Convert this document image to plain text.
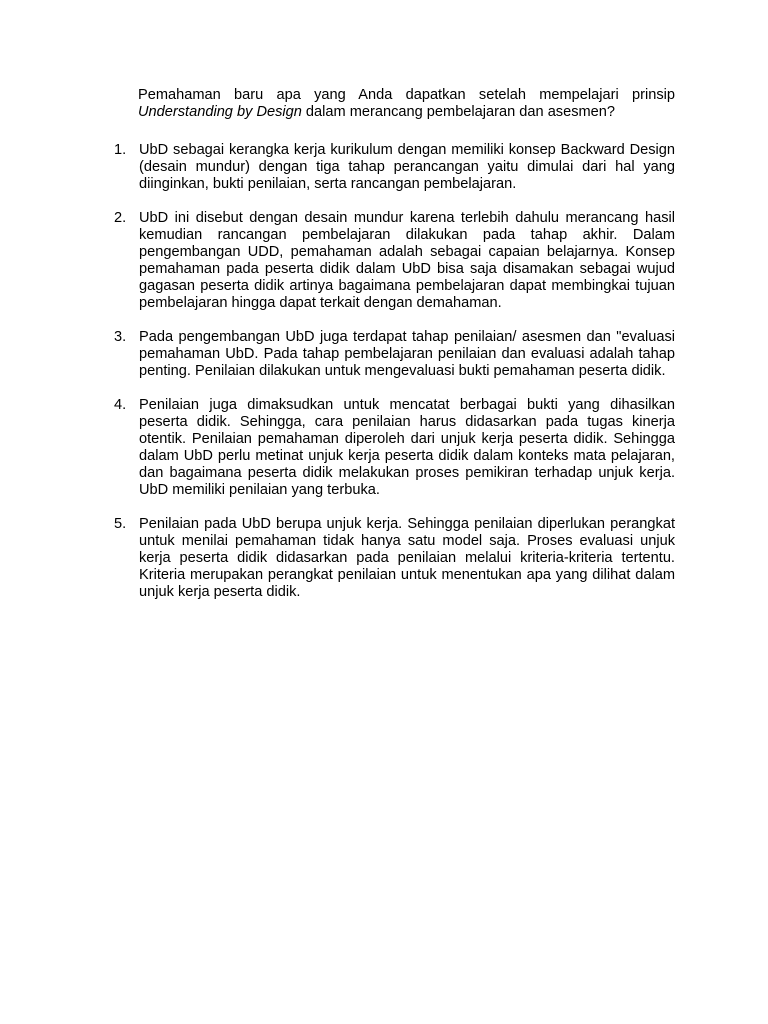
Pemahaman baru apa yang Anda dapatkan setelah mempelajari prinsip Understanding by Design dalam merancang pembelajaran dan asesmen?

1. UbD sebagai kerangka kerja kurikulum dengan memiliki konsep Backward Design (desain mundur) dengan tiga tahap perancangan yaitu dimulai dari hal yang diinginkan, bukti penilaian, serta rancangan pembelajaran.
2. UbD ini disebut dengan desain mundur karena terlebih dahulu merancang hasil kemudian rancangan pembelajaran dilakukan pada tahap akhir. Dalam pengembangan UDD, pemahaman adalah sebagai capaian belajarnya. Konsep pemahaman pada peserta didik dalam UbD bisa saja disamakan sebagai wujud gagasan peserta didik artinya bagaimana pembelajaran dapat membingkai tujuan pembelajaran hingga dapat terkait dengan demahaman.
3. Pada pengembangan UbD juga terdapat tahap penilaian/ asesmen dan "evaluasi pemahaman UbD. Pada tahap pembelajaran penilaian dan evaluasi adalah tahap penting. Penilaian dilakukan untuk mengevaluasi bukti pemahaman peserta didik.
4. Penilaian juga dimaksudkan untuk mencatat berbagai bukti yang dihasilkan peserta didik. Sehingga, cara penilaian harus didasarkan pada tugas kinerja otentik. Penilaian pemahaman diperoleh dari unjuk kerja peserta didik. Sehingga dalam UbD perlu metinat unjuk kerja peserta didik dalam konteks mata pelajaran, dan bagaimana peserta didik melakukan proses pemikiran terhadap unjuk kerja. UbD memiliki penilaian yang terbuka.
5. Penilaian pada UbD berupa unjuk kerja. Sehingga penilaian diperlukan perangkat untuk menilai pemahaman tidak hanya satu model saja. Proses evaluasi unjuk kerja peserta didik didasarkan pada penilaian melalui kriteria-kriteria tertentu. Kriteria merupakan perangkat penilaian untuk menentukan apa yang dilihat dalam unjuk kerja peserta didik.
